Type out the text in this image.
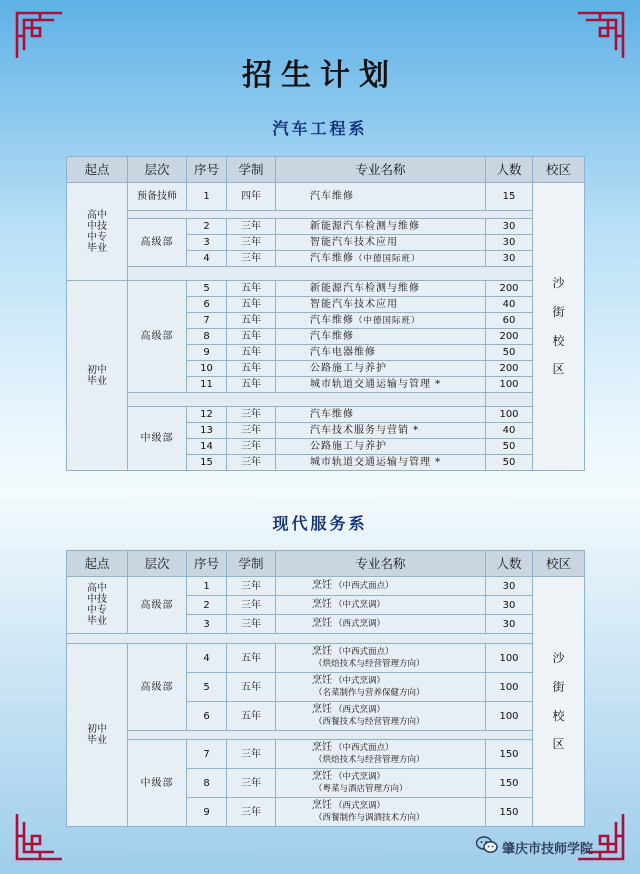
招生计划
汽车工程系
起点	层次	序号	学制	专业名称	人数	校区
高中
中技
中专
毕业	预备技师	1	四年	汽车维修	15	沙街校区

	高级部	2	三年	新能源汽车检测与维修	30	
		3	三年	智能汽车技术应用	30	
		4	三年	汽车维修（中德国际班）	30	

初中
毕业	高级部	5	五年	新能源汽车检测与维修	200	
		6	五年	智能汽车技术应用	40	
		7	五年	汽车维修（中德国际班）	60	
		8	五年	汽车维修	200	
		9	五年	汽车电器维修	50	
		10	五年	公路施工与养护	200	
		11	五年	城市轨道交通运输与管理 *	100	

	中级部	12	三年	汽车维修	100	
		13	三年	汽车技术服务与营销 *	40	
		14	三年	公路施工与养护	50	
		15	三年	城市轨道交通运输与管理 *	50	
现代服务系
起点	层次	序号	学制	专业名称	人数	校区
高中
中技
中专
毕业	高级部	1	三年	烹饪 （中西式面点）	30	沙街校区
		2	三年	烹饪 （中式烹调）	30	
		3	三年	烹饪 （西式烹调）	30	

初中
毕业	高级部	4	五年	烹饪 （中西式面点）
（烘焙技术与经营管理方向）	100	
		5	五年	烹饪 （中式烹调）
（名菜制作与营养保健方向）	100	
		6	五年	烹饪 （西式烹调）
（西餐技术与经营管理方向）	100	

	中级部	7	三年	烹饪 （中西式面点）
（烘焙技术与经营管理方向）	150	
		8	三年	烹饪 （中式烹调）
（粤菜与酒店管理方向）	150	
		9	三年	烹饪 （西式烹调）
（西餐制作与调酒技术方向）	150	
肇庆市技师学院
